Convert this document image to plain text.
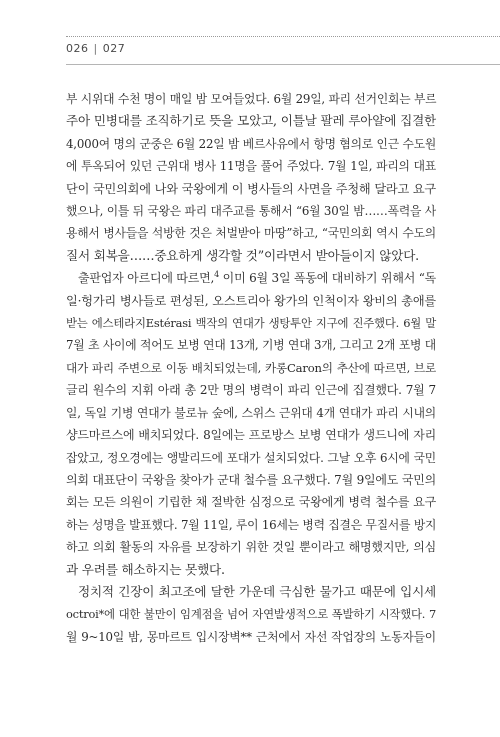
026 | 027

부 시위대 수천 명이 매일 밤 모여들었다. 6월 29일, 파리 선거인회는 부르
주아 민병대를 조직하기로 뜻을 모았고, 이틀날 팔레 루아얄에 집결한
4,000여 명의 군중은 6월 22일 밤 베르사유에서 항명 혐의로 인근 수도원
에 투옥되어 있던 근위대 병사 11명을 풀어 주었다. 7월 1일, 파리의 대표
단이 국민의회에 나와 국왕에게 이 병사들의 사면을 주청해 달라고 요구
했으나, 이틀 뒤 국왕은 파리 대주교를 통해서 “6월 30일 밤……폭력을 사
용해서 병사들을 석방한 것은 처벌받아 마땅”하고, “국민의회 역시 수도의
질서 회복을……중요하게 생각할 것”이라면서 받아들이지 않았다.

출판업자 아르디에 따르면,$^4$ 이미 6월 3일 폭동에 대비하기 위해서 “독
일·헝가리 병사들로 편성된, 오스트리아 왕가의 인척이자 왕비의 총애를
받는 에스테라지Estérasi 백작의 연대가 생탕투안 지구에 진주했다. 6월 말
7월 초 사이에 적어도 보병 연대 13개, 기병 연대 3개, 그리고 2개 포병 대
대가 파리 주변으로 이동 배치되었는데, 카롱Caron의 추산에 따르면, 브로
글리 원수의 지휘 아래 총 2만 명의 병력이 파리 인근에 집결했다. 7월 7
일, 독일 기병 연대가 불로뉴 숲에, 스위스 근위대 4개 연대가 파리 시내의
샹드마르스에 배치되었다. 8일에는 프로방스 보병 연대가 생드니에 자리
잡았고, 정오경에는 앵발리드에 포대가 설치되었다. 그날 오후 6시에 국민
의회 대표단이 국왕을 찾아가 군대 철수를 요구했다. 7월 9일에도 국민의
회는 모든 의원이 기립한 채 절박한 심정으로 국왕에게 병력 철수를 요구
하는 성명을 발표했다. 7월 11일, 루이 16세는 병력 집결은 무질서를 방지
하고 의회 활동의 자유를 보장하기 위한 것일 뿐이라고 해명했지만, 의심
과 우려를 해소하지는 못했다.

정치적 긴장이 최고조에 달한 가운데 극심한 물가고 때문에 입시세
octroi*에 대한 불만이 임계점을 넘어 자연발생적으로 폭발하기 시작했다. 7
월 9~10일 밤, 몽마르트 입시장벽** 근처에서 자선 작업장의 노동자들이
